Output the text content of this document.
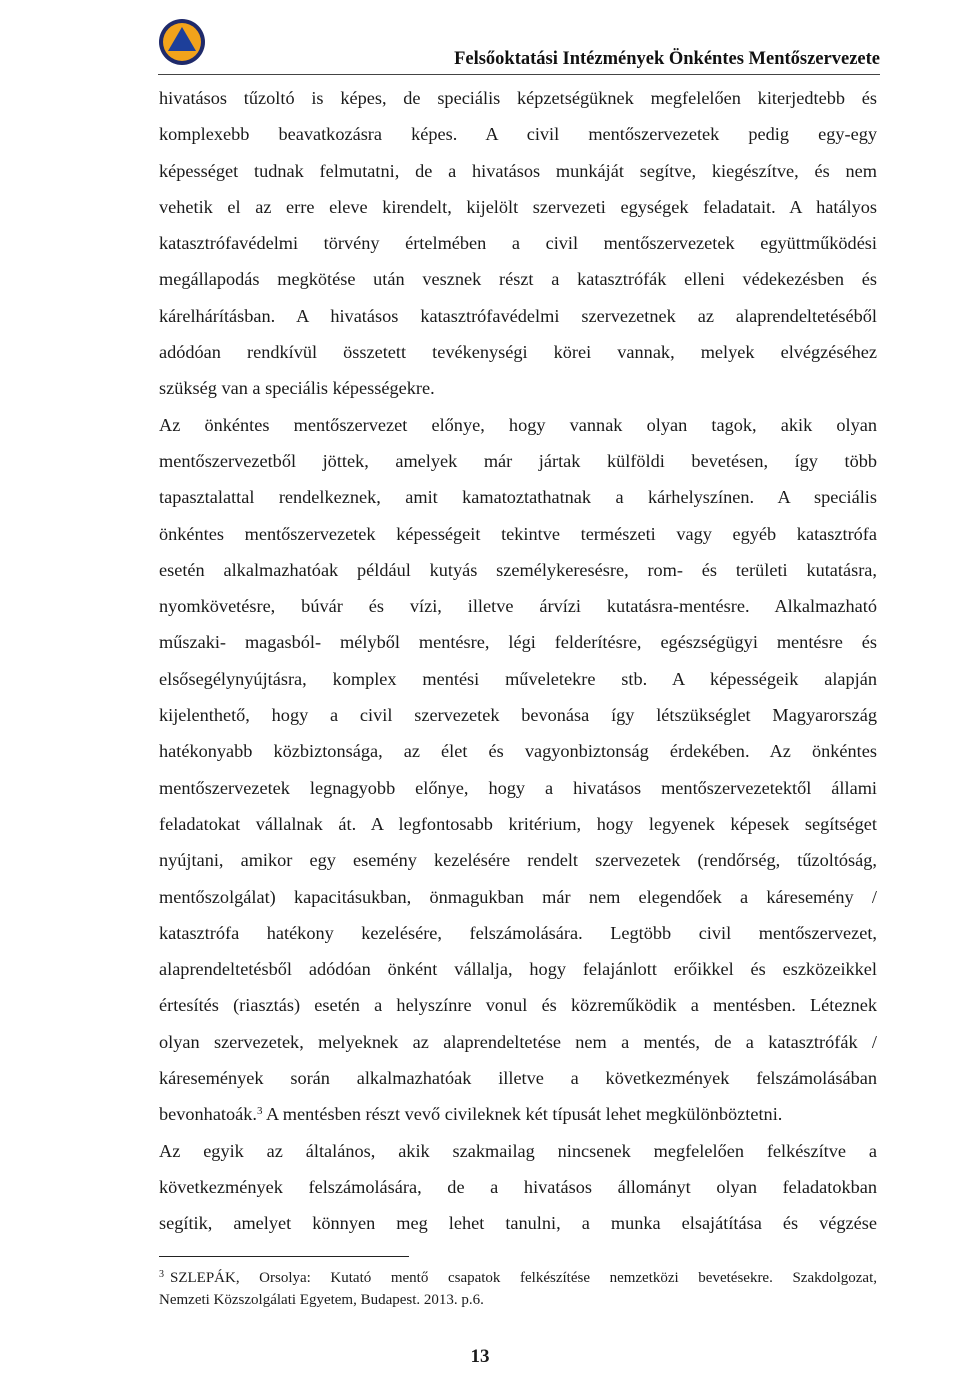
Felsőoktatási Intézmények Önkéntes Mentőszervezete
hivatásos tűzoltó is képes, de speciális képzetségüknek megfelelően kiterjedtebb és
komplexebb beavatkozásra képes. A civil mentőszervezetek pedig egy-egy
képességet tudnak felmutatni, de a hivatásos munkáját segítve, kiegészítve, és nem
vehetik el az erre eleve kirendelt, kijelölt szervezeti egységek feladatait. A hatályos
katasztrófavédelmi törvény értelmében a civil mentőszervezetek együttműködési
megállapodás megkötése után vesznek részt a katasztrófák elleni védekezésben és
kárelhárításban. A hivatásos katasztrófavédelmi szervezetnek az alaprendeltetéséből
adódóan rendkívül összetett tevékenységi körei vannak, melyek elvégzéséhez
szükség van a speciális képességekre.
Az önkéntes mentőszervezet előnye, hogy vannak olyan tagok, akik olyan
mentőszervezetből jöttek, amelyek már jártak külföldi bevetésen, így több
tapasztalattal rendelkeznek, amit kamatoztathatnak a kárhelyszínen. A speciális
önkéntes mentőszervezetek képességeit tekintve természeti vagy egyéb katasztrófa
esetén alkalmazhatóak például kutyás személykeresésre, rom- és területi kutatásra,
nyomkövetésre, búvár és vízi, illetve árvízi kutatásra-mentésre. Alkalmazható
műszaki- magasból- mélyből mentésre, légi felderítésre, egészségügyi mentésre és
elsősegélynyújtásra, komplex mentési műveletekre stb. A képességeik alapján
kijelenthető, hogy a civil szervezetek bevonása így létszükséglet Magyarország
hatékonyabb közbiztonsága, az élet és vagyonbiztonság érdekében. Az önkéntes
mentőszervezetek legnagyobb előnye, hogy a hivatásos mentőszervezetektől állami
feladatokat vállalnak át. A legfontosabb kritérium, hogy legyenek képesek segítséget
nyújtani, amikor egy esemény kezelésére rendelt szervezetek (rendőrség, tűzoltóság,
mentőszolgálat) kapacitásukban, önmagukban már nem elegendőek a káresemény /
katasztrófa hatékony kezelésére, felszámolására. Legtöbb civil mentőszervezet,
alaprendeltetésből adódóan önként vállalja, hogy felajánlott erőikkel és eszközeikkel
értesítés (riasztás) esetén a helyszínre vonul és közreműködik a mentésben. Léteznek
olyan szervezetek, melyeknek az alaprendeltetése nem a mentés, de a katasztrófák /
káresemények során alkalmazhatóak illetve a következmények felszámolásában
bevonhatoák.$^3$ A mentésben részt vevő civileknek két típusát lehet megkülönböztetni.
Az egyik az általános, akik szakmailag nincsenek megfelelően felkészítve a
következmények felszámolására, de a hivatásos állományt olyan feladatokban
segítik, amelyet könnyen meg lehet tanulni, a munka elsajátítása és végzése
$^3$ SZLEPÁK, Orsolya: Kutató mentő csapatok felkészítése nemzetközi bevetésekre. Szakdolgozat,
Nemzeti Közszolgálati Egyetem, Budapest. 2013. p.6.
13
